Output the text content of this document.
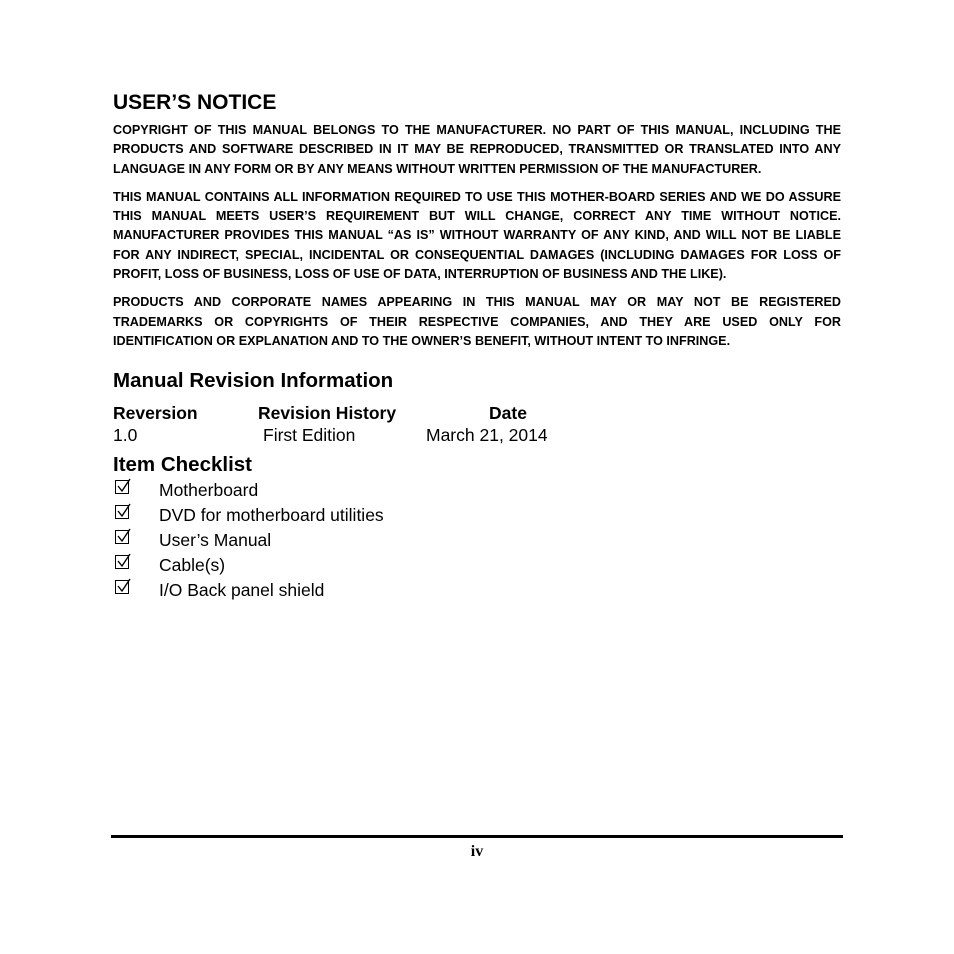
USER’S NOTICE

COPYRIGHT OF THIS MANUAL BELONGS TO THE MANUFACTURER. NO PART OF THIS MANUAL, INCLUDING THE PRODUCTS AND SOFTWARE DESCRIBED IN IT MAY BE REPRODUCED, TRANSMITTED OR TRANSLATED INTO ANY LANGUAGE IN ANY FORM OR BY ANY MEANS WITHOUT WRITTEN PERMISSION OF THE MANUFACTURER.

THIS MANUAL CONTAINS ALL INFORMATION REQUIRED TO USE THIS MOTHER-BOARD SERIES AND WE DO ASSURE THIS MANUAL MEETS USER’S REQUIREMENT BUT WILL CHANGE, CORRECT ANY TIME WITHOUT NOTICE. MANUFACTURER PROVIDES THIS MANUAL “AS IS” WITHOUT WARRANTY OF ANY KIND, AND WILL NOT BE LIABLE FOR ANY INDIRECT, SPECIAL, INCIDENTAL OR CONSEQUENTIAL DAMAGES (INCLUDING DAMAGES FOR LOSS OF PROFIT, LOSS OF BUSINESS, LOSS OF USE OF DATA, INTERRUPTION OF BUSINESS AND THE LIKE).

PRODUCTS AND CORPORATE NAMES APPEARING IN THIS MANUAL MAY OR MAY NOT BE REGISTERED TRADEMARKS OR COPYRIGHTS OF THEIR RESPECTIVE COMPANIES, AND THEY ARE USED ONLY FOR IDENTIFICATION OR EXPLANATION AND TO THE OWNER’S BENEFIT, WITHOUT INTENT TO INFRINGE.

Manual Revision Information
Reversion	Revision History	Date
1.0	First Edition	March 21, 2014
Item Checklist
Motherboard
DVD for motherboard utilities
User’s Manual
Cable(s)
I/O Back panel shield
iv
